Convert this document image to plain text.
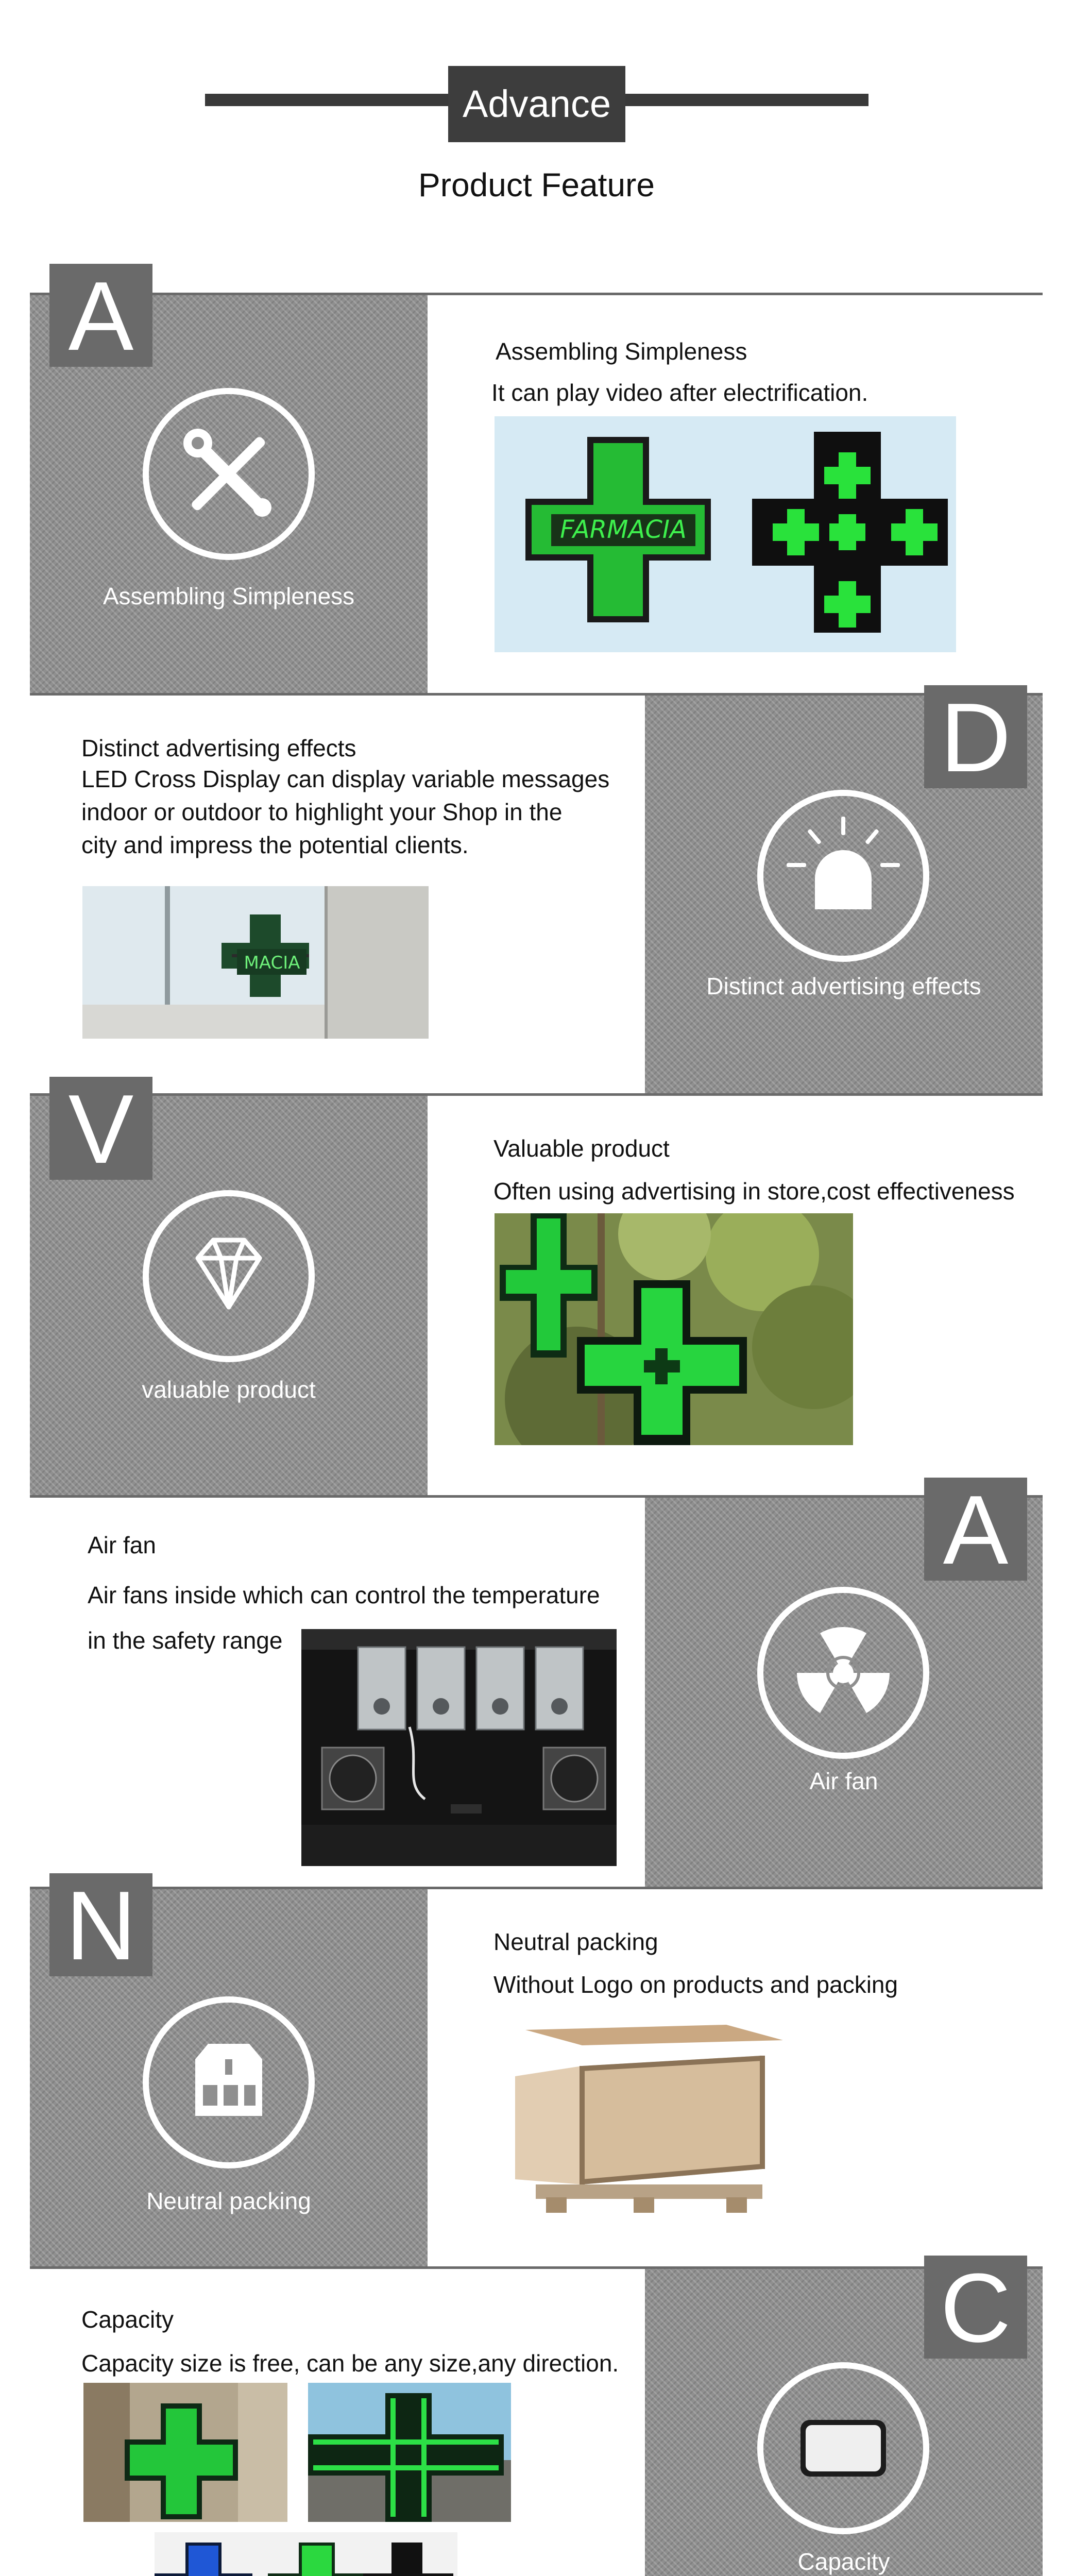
Advance
Product Feature
A
Assembling Simpleness
Assembling Simpleness
It can play video after electrification.
FARMACIA
D
Distinct advertising effects
Distinct advertising effects
LED Cross Display can display variable messages
indoor or outdoor to highlight your Shop in the
city and impress the potential clients.
MACIA
V
valuable product
Valuable product
Often using advertising in store,cost effectiveness
A
Air fan
Air fan
Air fans inside which can control the temperature
in the safety range
N
Neutral packing
Neutral packing
Without Logo on products and packing
C
Capacity
Capacity
Capacity size is free, can be any size,any direction.
